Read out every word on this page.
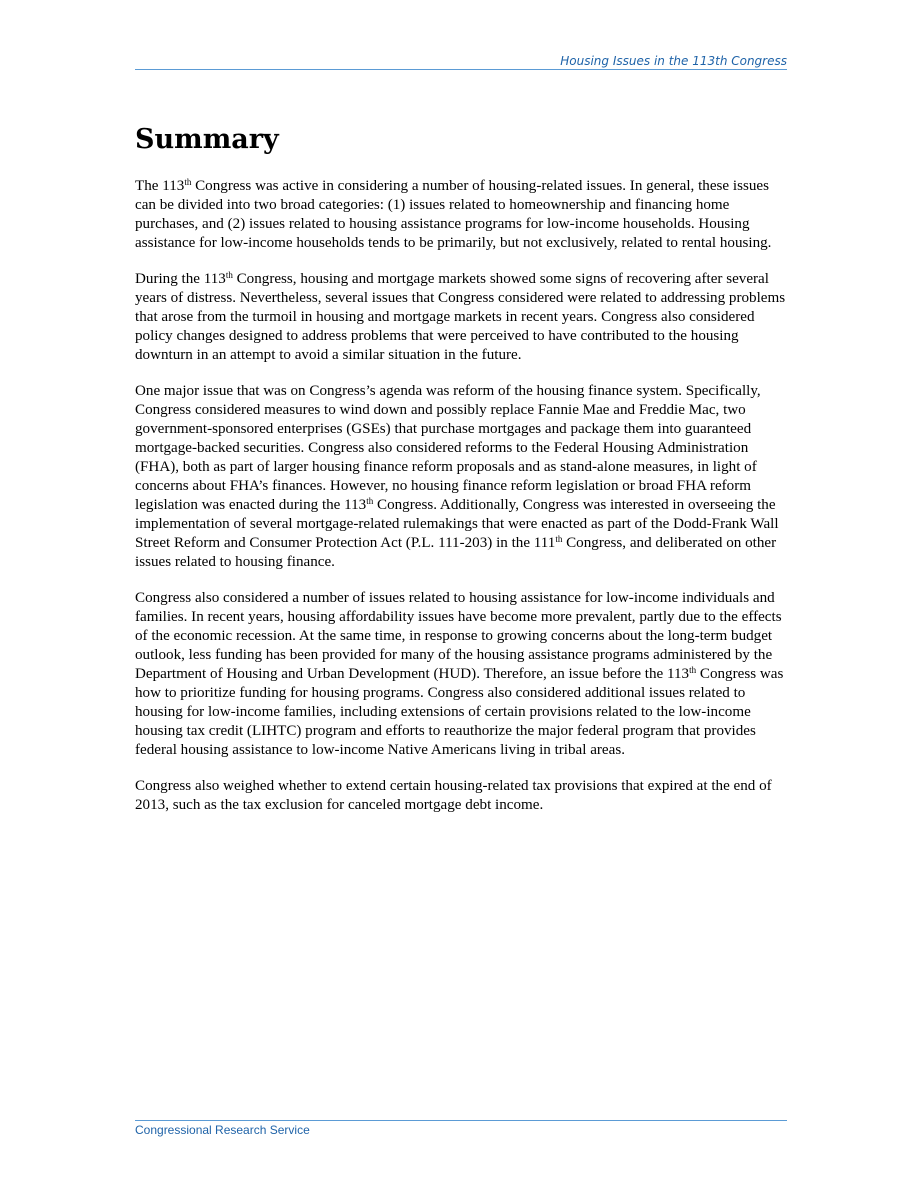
Housing Issues in the 113th Congress
Summary

The 113th Congress was active in considering a number of housing-related issues. In general, these issues can be divided into two broad categories: (1) issues related to homeownership and financing home purchases, and (2) issues related to housing assistance programs for low-income households. Housing assistance for low-income households tends to be primarily, but not exclusively, related to rental housing.

During the 113th Congress, housing and mortgage markets showed some signs of recovering after several years of distress. Nevertheless, several issues that Congress considered were related to addressing problems that arose from the turmoil in housing and mortgage markets in recent years. Congress also considered policy changes designed to address problems that were perceived to have contributed to the housing downturn in an attempt to avoid a similar situation in the future.

One major issue that was on Congress’s agenda was reform of the housing finance system. Specifically, Congress considered measures to wind down and possibly replace Fannie Mae and Freddie Mac, two government-sponsored enterprises (GSEs) that purchase mortgages and package them into guaranteed mortgage-backed securities. Congress also considered reforms to the Federal Housing Administration (FHA), both as part of larger housing finance reform proposals and as stand-alone measures, in light of concerns about FHA’s finances. However, no housing finance reform legislation or broad FHA reform legislation was enacted during the 113th Congress. Additionally, Congress was interested in overseeing the implementation of several mortgage-related rulemakings that were enacted as part of the Dodd-Frank Wall Street Reform and Consumer Protection Act (P.L. 111-203) in the 111th Congress, and deliberated on other issues related to housing finance.

Congress also considered a number of issues related to housing assistance for low-income individuals and families. In recent years, housing affordability issues have become more prevalent, partly due to the effects of the economic recession. At the same time, in response to growing concerns about the long-term budget outlook, less funding has been provided for many of the housing assistance programs administered by the Department of Housing and Urban Development (HUD). Therefore, an issue before the 113th Congress was how to prioritize funding for housing programs. Congress also considered additional issues related to housing for low-income families, including extensions of certain provisions related to the low-income housing tax credit (LIHTC) program and efforts to reauthorize the major federal program that provides federal housing assistance to low-income Native Americans living in tribal areas.

Congress also weighed whether to extend certain housing-related tax provisions that expired at the end of 2013, such as the tax exclusion for canceled mortgage debt income.

Congressional Research Service
